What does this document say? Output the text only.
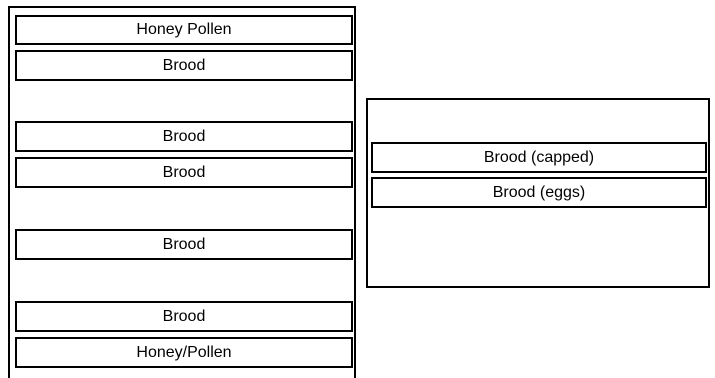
Honey Pollen
Brood
Brood
Brood
Brood
Brood
Honey/Pollen
Brood (capped)
Brood (eggs)
